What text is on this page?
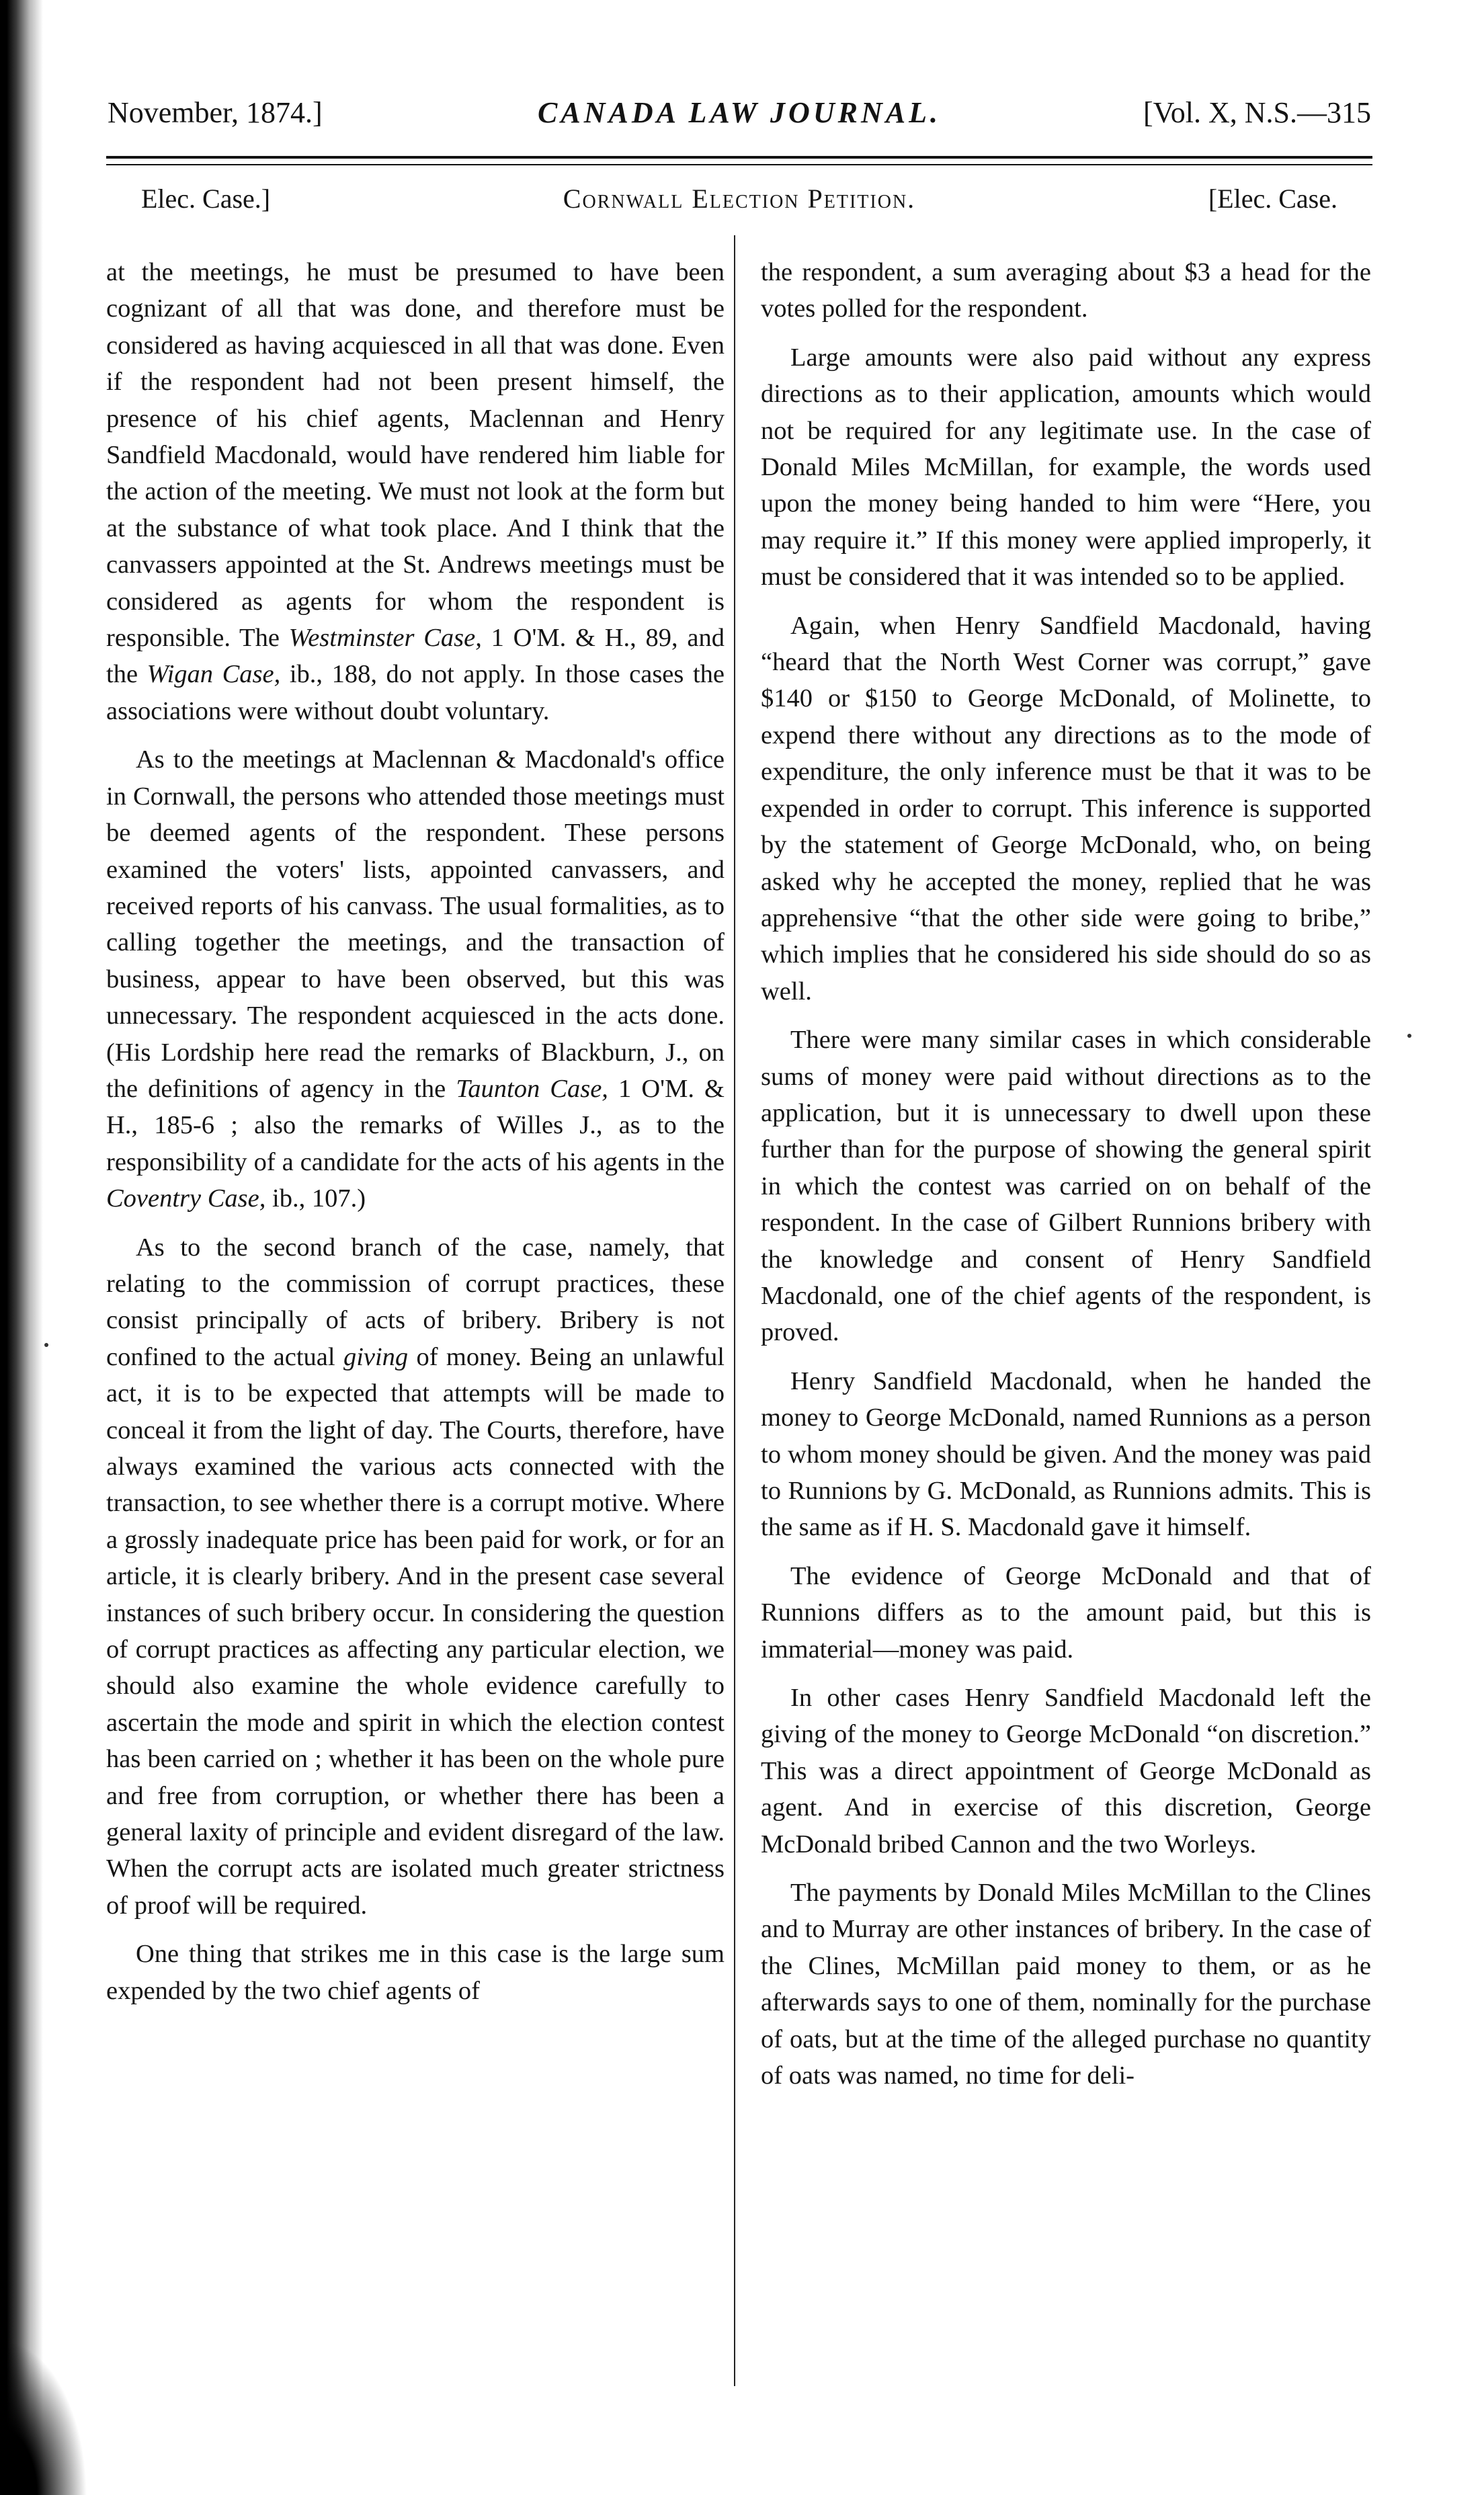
November, 1874.]	CANADA LAW JOURNAL.	[Vol. X, N.S.—315
Elec. Case.]	Cornwall Election Petition.	[Elec. Case.

at the meetings, he must be presumed to have been cognizant of all that was done, and therefore must be considered as having acquiesced in all that was done. Even if the respondent had not been present himself, the presence of his chief agents, Maclennan and Henry Sandfield Macdonald, would have rendered him liable for the action of the meeting. We must not look at the form but at the substance of what took place. And I think that the canvassers appointed at the St. Andrews meetings must be considered as agents for whom the respondent is responsible. The Westminster Case, 1 O'M. & H., 89, and the Wigan Case, ib., 188, do not apply. In those cases the associations were without doubt voluntary.

As to the meetings at Maclennan & Macdonald's office in Cornwall, the persons who attended those meetings must be deemed agents of the respondent. These persons examined the voters' lists, appointed canvassers, and received reports of his canvass. The usual formalities, as to calling together the meetings, and the transaction of business, appear to have been observed, but this was unnecessary. The respondent acquiesced in the acts done. (His Lordship here read the remarks of Blackburn, J., on the definitions of agency in the Taunton Case, 1 O'M. & H., 185-6 ; also the remarks of Willes J., as to the responsibility of a candidate for the acts of his agents in the Coventry Case, ib., 107.)

As to the second branch of the case, namely, that relating to the commission of corrupt practices, these consist principally of acts of bribery. Bribery is not confined to the actual giving of money. Being an unlawful act, it is to be expected that attempts will be made to conceal it from the light of day. The Courts, therefore, have always examined the various acts connected with the transaction, to see whether there is a corrupt motive. Where a grossly inadequate price has been paid for work, or for an article, it is clearly bribery. And in the present case several instances of such bribery occur. In considering the question of corrupt practices as affecting any particular election, we should also examine the whole evidence carefully to ascertain the mode and spirit in which the election contest has been carried on ; whether it has been on the whole pure and free from corruption, or whether there has been a general laxity of principle and evident disregard of the law. When the corrupt acts are isolated much greater strictness of proof will be required.

One thing that strikes me in this case is the large sum expended by the two chief agents of

the respondent, a sum averaging about $3 a head for the votes polled for the respondent.

Large amounts were also paid without any express directions as to their application, amounts which would not be required for any legitimate use. In the case of Donald Miles McMillan, for example, the words used upon the money being handed to him were “Here, you may require it.” If this money were applied improperly, it must be considered that it was intended so to be applied.

Again, when Henry Sandfield Macdonald, having “heard that the North West Corner was corrupt,” gave $140 or $150 to George McDonald, of Molinette, to expend there without any directions as to the mode of expenditure, the only inference must be that it was to be expended in order to corrupt. This inference is supported by the statement of George McDonald, who, on being asked why he accepted the money, replied that he was apprehensive “that the other side were going to bribe,” which implies that he considered his side should do so as well.

There were many similar cases in which considerable sums of money were paid without directions as to the application, but it is unnecessary to dwell upon these further than for the purpose of showing the general spirit in which the contest was carried on on behalf of the respondent. In the case of Gilbert Runnions bribery with the knowledge and consent of Henry Sandfield Macdonald, one of the chief agents of the respondent, is proved.

Henry Sandfield Macdonald, when he handed the money to George McDonald, named Runnions as a person to whom money should be given. And the money was paid to Runnions by G. McDonald, as Runnions admits. This is the same as if H. S. Macdonald gave it himself.

The evidence of George McDonald and that of Runnions differs as to the amount paid, but this is immaterial—money was paid.

In other cases Henry Sandfield Macdonald left the giving of the money to George McDonald “on discretion.” This was a direct appointment of George McDonald as agent. And in exercise of this discretion, George McDonald bribed Cannon and the two Worleys.

The payments by Donald Miles McMillan to the Clines and to Murray are other instances of bribery. In the case of the Clines, McMillan paid money to them, or as he afterwards says to one of them, nominally for the purchase of oats, but at the time of the alleged purchase no quantity of oats was named, no time for deli-
